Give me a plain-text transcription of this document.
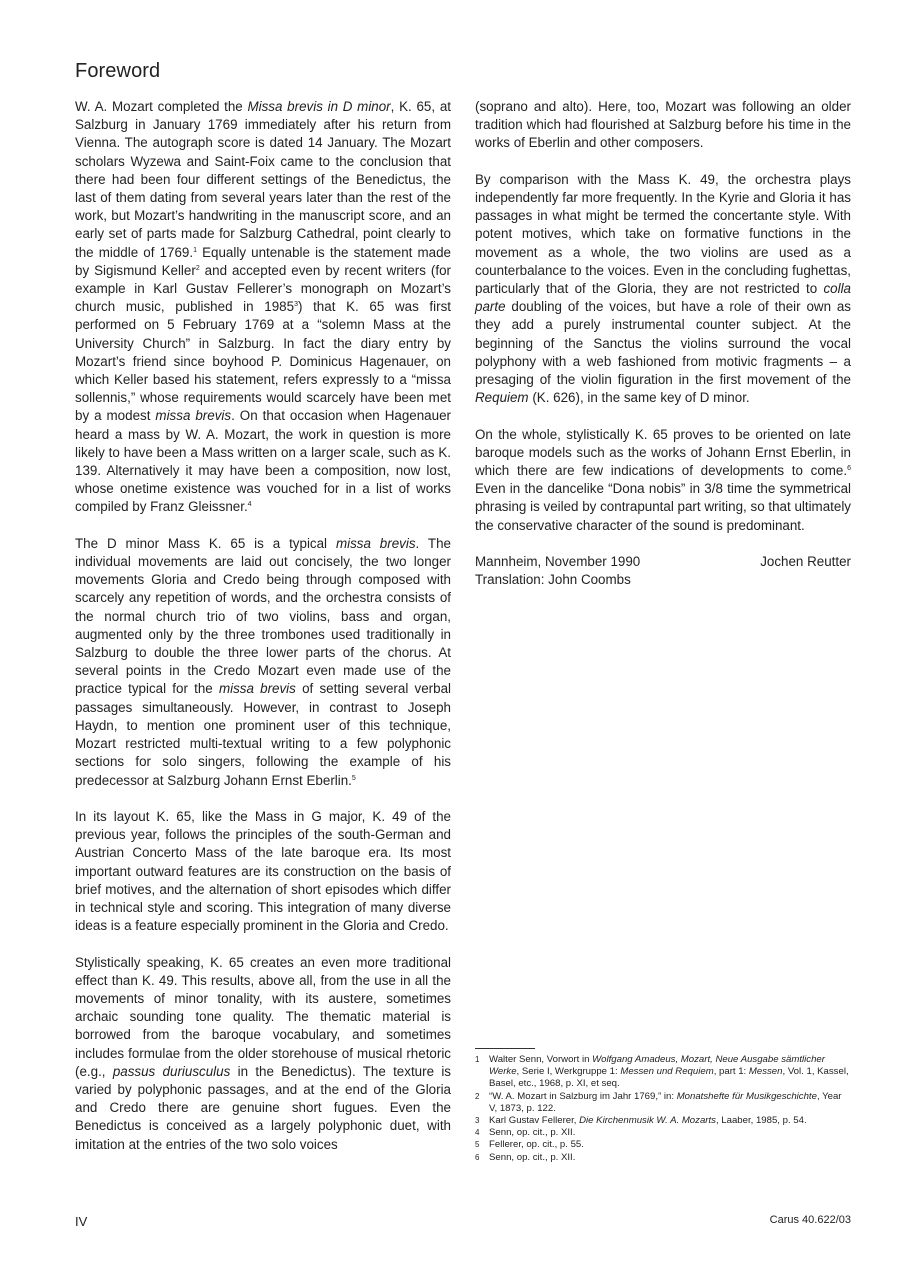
Foreword

W. A. Mozart completed the Missa brevis in D minor, K. 65, at Salzburg in January 1769 immediately after his return from Vienna. The autograph score is dated 14 January. The Mozart scholars Wyzewa and Saint-Foix came to the conclusion that there had been four different settings of the Benedictus, the last of them dating from several years later than the rest of the work, but Mozart’s handwriting in the manuscript score, and an early set of parts made for Salzburg Cathedral, point clearly to the middle of 1769.$^1$ Equally untenable is the statement made by Sigismund Keller$^2$ and accepted even by recent writers (for example in Karl Gustav Fellerer’s monograph on Mozart’s church music, published in 1985$^3$) that K. 65 was first performed on 5 February 1769 at a “solemn Mass at the University Church” in Salzburg. In fact the diary entry by Mozart’s friend since boyhood P. Dominicus Hagenauer, on which Keller based his statement, refers expressly to a “missa sollennis,” whose requirements would scarcely have been met by a modest missa brevis. On that occasion when Hagenauer heard a mass by W. A. Mozart, the work in question is more likely to have been a Mass written on a larger scale, such as K. 139. Alternatively it may have been a composition, now lost, whose onetime existence was vouched for in a list of works compiled by Franz Gleissner.$^4$

The D minor Mass K. 65 is a typical missa brevis. The individual movements are laid out concisely, the two longer movements Gloria and Credo being through composed with scarcely any repetition of words, and the orchestra consists of the normal church trio of two violins, bass and organ, augmented only by the three trombones used traditionally in Salzburg to double the three lower parts of the chorus. At several points in the Credo Mozart even made use of the practice typical for the missa brevis of setting several verbal passages simultaneously. However, in contrast to Joseph Haydn, to mention one prominent user of this technique, Mozart restricted multi-textual writing to a few polyphonic sections for solo singers, following the example of his predecessor at Salzburg Johann Ernst Eberlin.$^5$

In its layout K. 65, like the Mass in G major, K. 49 of the previous year, follows the principles of the south-German and Austrian Concerto Mass of the late baroque era. Its most important outward features are its construction on the basis of brief motives, and the alternation of short episodes which differ in technical style and scoring. This integration of many diverse ideas is a feature especially prominent in the Gloria and Credo.

Stylistically speaking, K. 65 creates an even more traditional effect than K. 49. This results, above all, from the use in all the movements of minor tonality, with its austere, sometimes archaic sounding tone quality. The thematic material is borrowed from the baroque vocabulary, and sometimes includes formulae from the older storehouse of musical rhetoric (e.g., passus duriusculus in the Benedictus). The texture is varied by polyphonic passages, and at the end of the Gloria and Credo there are genuine short fugues. Even the Benedictus is conceived as a largely polyphonic duet, with imitation at the entries of the two solo voices

(soprano and alto). Here, too, Mozart was following an older tradition which had flourished at Salzburg before his time in the works of Eberlin and other composers.

By comparison with the Mass K. 49, the orchestra plays independently far more frequently. In the Kyrie and Gloria it has passages in what might be termed the concertante style. With potent motives, which take on formative functions in the movement as a whole, the two violins are used as a counterbalance to the voices. Even in the concluding fughettas, particularly that of the Gloria, they are not restricted to colla parte doubling of the voices, but have a role of their own as they add a purely instrumental counter subject. At the beginning of the Sanctus the violins surround the vocal polyphony with a web fashioned from motivic fragments – a presaging of the violin figuration in the first movement of the Requiem (K. 626), in the same key of D minor.

On the whole, stylistically K. 65 proves to be oriented on late baroque models such as the works of Johann Ernst Eberlin, in which there are few indications of developments to come.$^6$ Even in the dancelike “Dona nobis” in 3/8 time the symmetrical phrasing is veiled by contrapuntal part writing, so that ultimately the conservative character of the sound is predominant.

Mannheim, November 1990	Jochen Reutter
Translation: John Coombs
1 Walter Senn, Vorwort in Wolfgang Amadeus, Mozart, Neue Ausgabe sämtlicher Werke, Serie I, Werkgruppe 1: Messen und Requiem, part 1: Messen, Vol. 1, Kassel, Basel, etc., 1968, p. XI, et seq.
2 “W. A. Mozart in Salzburg im Jahr 1769,” in: Monatshefte für Musikgeschichte, Year V, 1873, p. 122.
3 Karl Gustav Fellerer, Die Kirchenmusik W. A. Mozarts, Laaber, 1985, p. 54.
4 Senn, op. cit., p. XII.
5 Fellerer, op. cit., p. 55.
6 Senn, op. cit., p. XII.
IV	Carus 40.622/03
